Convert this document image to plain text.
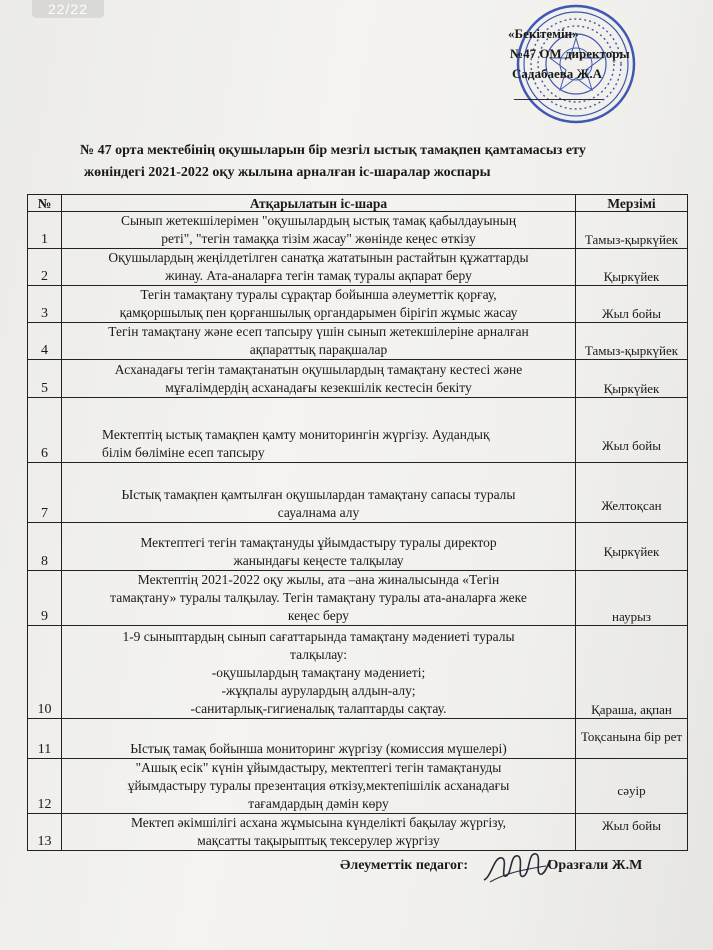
22/22
«Бекітемін»
№47 ОМ директоры
Садабаева Ж.А
________________
№ 47 орта мектебінің оқушыларын бір мезгіл ыстық тамақпен қамтамасыз ету
жөніндегі 2021-2022 оқу жылына арналған іс-шаралар жоспары
№	Атқарылатын іс-шара	Мерзімі
1	Сынып жетекшілерімен "оқушылардың ыстық тамақ қабылдауының
реті", "тегін тамаққа тізім жасау" жөнінде кеңес өткізу	Тамыз-қыркүйек
2	Оқушылардың жеңілдетілген санатқа жататынын растайтын құжаттарды
жинау. Ата-аналарға тегін тамақ туралы ақпарат беру	Қыркүйек
3	Тегін тамақтану туралы сұрақтар бойынша әлеуметтік қорғау,
қамқоршылық пен қорғаншылық органдарымен бірігіп жұмыс жасау	Жыл бойы
4	Тегін тамақтану және есеп тапсыру үшін сынып жетекшілеріне арналған
ақпараттық парақшалар	Тамыз-қыркүйек
5	Асханадағы тегін тамақтанатын оқушылардың тамақтану кестесі және
мұғалімдердің асханадағы кезекшілік кестесін бекіту	Қыркүйек
6	Мектептің ыстық тамақпен қамту мониторингін жүргізу. Аудандық
білім бөліміне есеп тапсыру	Жыл бойы
7	Ыстық тамақпен қамтылған оқушылардан тамақтану сапасы туралы
сауалнама алу	Желтоқсан
8	Мектептегі тегін тамақтануды ұйымдастыру туралы директор
жанындағы кеңесте талқылау	Қыркүйек
9	Мектептің 2021-2022 оқу жылы, ата –ана жиналысында «Тегін
тамақтану» туралы талқылау. Тегін тамақтану туралы ата-аналарға жеке
кеңес беру	наурыз
10	1-9 сыныптардың сынып сағаттарында тамақтану мәдениеті туралы
талқылау:
-оқушылардың тамақтану мәдениеті;
-жұқпалы аурулардың алдын-алу;
-санитарлық-гигиеналық талаптарды сақтау.	Қараша, ақпан
11	Ыстық тамақ бойынша мониторинг жүргізу (комиссия мүшелері)	Тоқсанына бір рет
12	"Ашық есік" күнін ұйымдастыру, мектептегі тегін тамақтануды
ұйымдастыру туралы презентация өткізу,мектепішілік асханадағы
тағамдардың дәмін көру	сәуір
13	Мектеп әкімшілігі асхана жұмысына күнделікті бақылау жүргізу,
мақсатты тақырыптық тексерулер жүргізу	Жыл бойы
Әлеуметтік педагог:	Оразғали Ж.М
